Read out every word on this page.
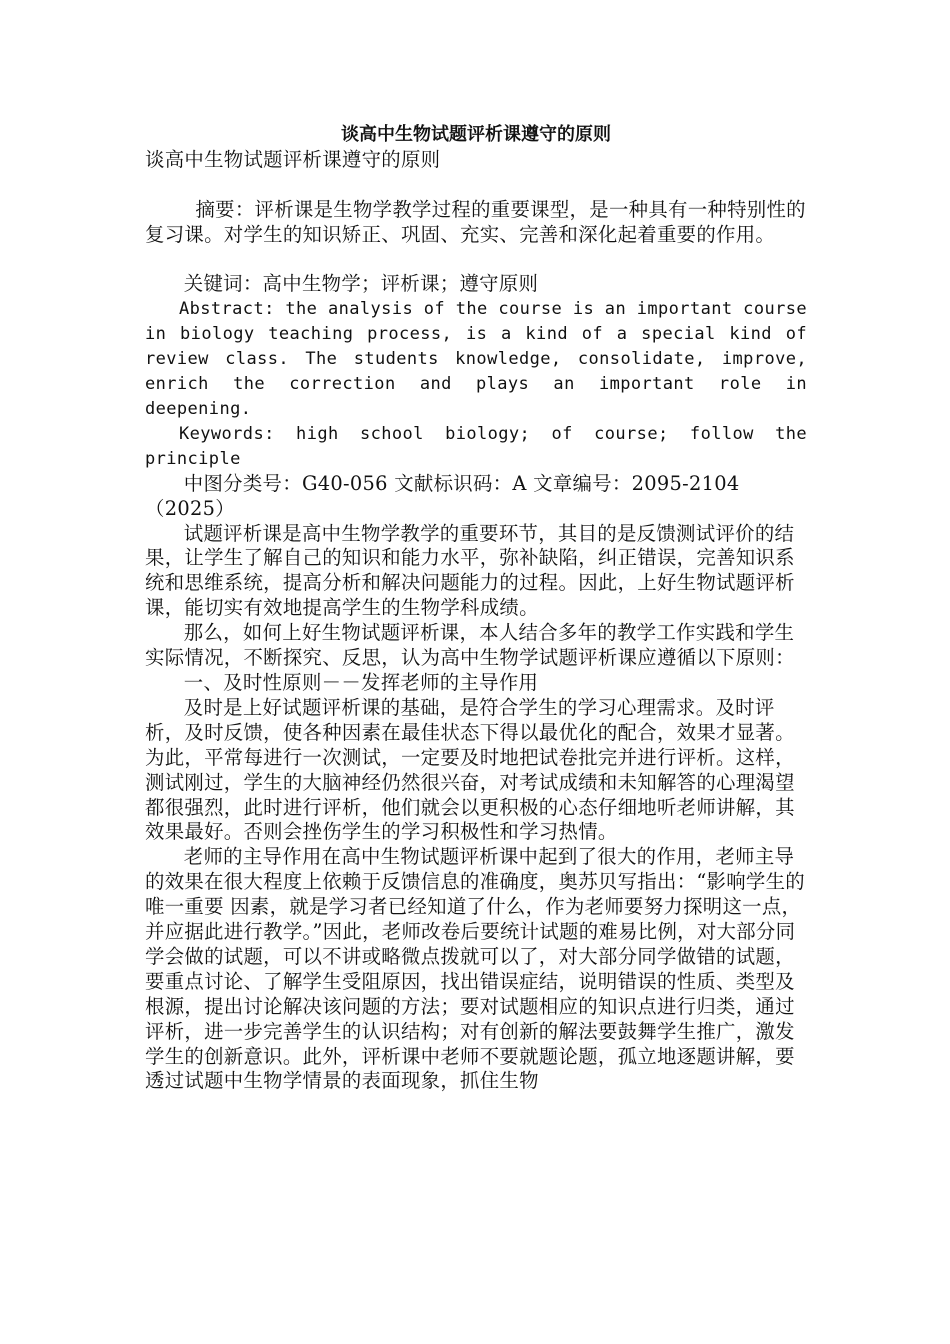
谈高中生物试题评析课遵守的原则

谈高中生物试题评析课遵守的原则

摘要：评析课是生物学教学过程的重要课型，是一种具有一种特别性的复习课。对学生的知识矫正、巩固、充实、完善和深化起着重要的作用。

关键词：高中生物学；评析课；遵守原则

Abstract: the analysis of the course is an important course in biology teaching process, is a kind of a special kind of review class. The students knowledge, consolidate, improve, enrich the correction and plays an important role in deepening.

Keywords: high school biology; of course; follow the principle

中图分类号：G40-056 文献标识码：A 文章编号：2095-2104（2025）

试题评析课是高中生物学教学的重要环节，其目的是反馈测试评价的结果，让学生了解自己的知识和能力水平，弥补缺陷，纠正错误，完善知识系统和思维系统，提高分析和解决问题能力的过程。因此，上好生物试题评析课，能切实有效地提高学生的生物学科成绩。

那么，如何上好生物试题评析课，本人结合多年的教学工作实践和学生实际情况，不断探究、反思，认为高中生物学试题评析课应遵循以下原则：

一、及时性原则－－发挥老师的主导作用

及时是上好试题评析课的基础，是符合学生的学习心理需求。及时评析，及时反馈，使各种因素在最佳状态下得以最优化的配合，效果才显著。为此，平常每进行一次测试，一定要及时地把试卷批完并进行评析。这样，测试刚过，学生的大脑神经仍然很兴奋，对考试成绩和未知解答的心理渴望都很强烈，此时进行评析，他们就会以更积极的心态仔细地听老师讲解，其效果最好。否则会挫伤学生的学习积极性和学习热情。

老师的主导作用在高中生物试题评析课中起到了很大的作用，老师主导的效果在很大程度上依赖于反馈信息的准确度，奥苏贝写指出：“影响学生的唯一重要 因素，就是学习者已经知道了什么，作为老师要努力探明这一点，并应据此进行教学。”因此，老师改卷后要统计试题的难易比例，对大部分同学会做的试题，可以不讲或略微点拨就可以了，对大部分同学做错的试题，要重点讨论、了解学生受阻原因，找出错误症结，说明错误的性质、类型及根源，提出讨论解决该问题的方法；要对试题相应的知识点进行归类，通过评析，进一步完善学生的认识结构；对有创新的解法要鼓舞学生推广，激发学生的创新意识。此外，评析课中老师不要就题论题，孤立地逐题讲解，要透过试题中生物学情景的表面现象，抓住生物
